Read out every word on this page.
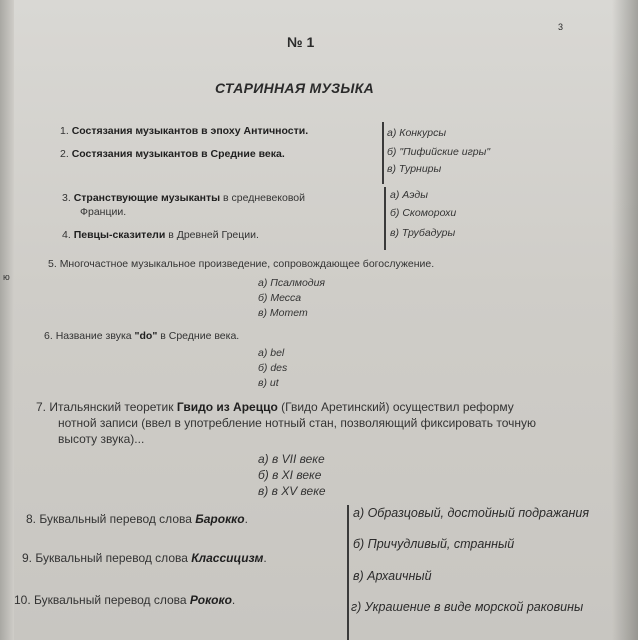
ю
3
№ 1
СТАРИННАЯ МУЗЫКА
1. Состязания музыкантов в эпоху Античности.
2. Состязания музыкантов в Средние века.
а) Конкурсы
б) "Пифийские игры"
в) Турниры
3. Странствующие музыканты в средневековой
Франции.
4. Певцы-сказители в Древней Греции.
а) Аэды
б) Скоморохи
в) Трубадуры
5. Многочастное музыкальное произведение, сопровождающее богослужение.
а) Псалмодия
б) Месса
в) Мотет
6. Название звука "do" в Средние века.
а) bel
б) des
в) ut
7. Итальянский теоретик Гвидо из Ареццо (Гвидо Аретинский) осуществил реформу
нотной записи (ввел в употребление нотный стан, позволяющий фиксировать точную
высоту звука)...
а) в VII веке
б) в XI веке
в) в XV веке
8. Буквальный перевод слова Барокко.
9. Буквальный перевод слова Классицизм.
10. Буквальный перевод слова Рококо.
а) Образцовый, достойный подражания
б) Причудливый, странный
в) Архаичный
г) Украшение в виде морской раковины
